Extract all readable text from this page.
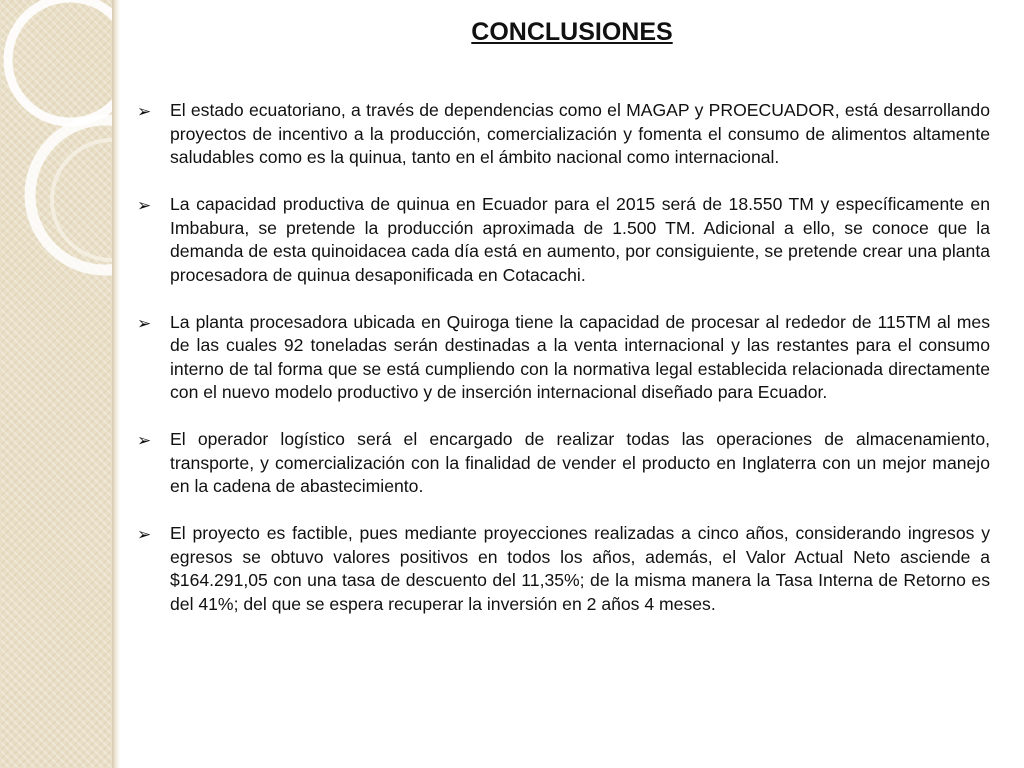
CONCLUSIONES
➢ El estado ecuatoriano, a través de dependencias como el MAGAP y PROECUADOR, está desarrollando proyectos de incentivo a la producción, comercialización y fomenta el consumo de alimentos altamente saludables como es la quinua, tanto en el ámbito nacional como internacional.
➢ La capacidad productiva de quinua en Ecuador para el 2015 será de 18.550 TM y específicamente en Imbabura, se pretende la producción aproximada de 1.500 TM. Adicional a ello, se conoce que la demanda de esta quinoidacea cada día está en aumento, por consiguiente, se pretende crear una planta procesadora de quinua desaponificada en Cotacachi.
➢ La planta procesadora ubicada en Quiroga tiene la capacidad de procesar al rededor de 115TM al mes de las cuales 92 toneladas serán destinadas a la venta internacional y las restantes para el consumo interno de tal forma que se está cumpliendo con la normativa legal establecida relacionada directamente con el nuevo modelo productivo y de inserción internacional diseñado para Ecuador.
➢ El operador logístico será el encargado de realizar todas las operaciones de almacenamiento, transporte, y comercialización con la finalidad de vender el producto en Inglaterra con un mejor manejo en la cadena de abastecimiento.
➢ El proyecto es factible, pues mediante proyecciones realizadas a cinco años, considerando ingresos y egresos se obtuvo valores positivos en todos los años, además, el Valor Actual Neto asciende a $164.291,05 con una tasa de descuento del 11,35%; de la misma manera la Tasa Interna de Retorno es del 41%; del que se espera recuperar la inversión en 2 años 4 meses.
